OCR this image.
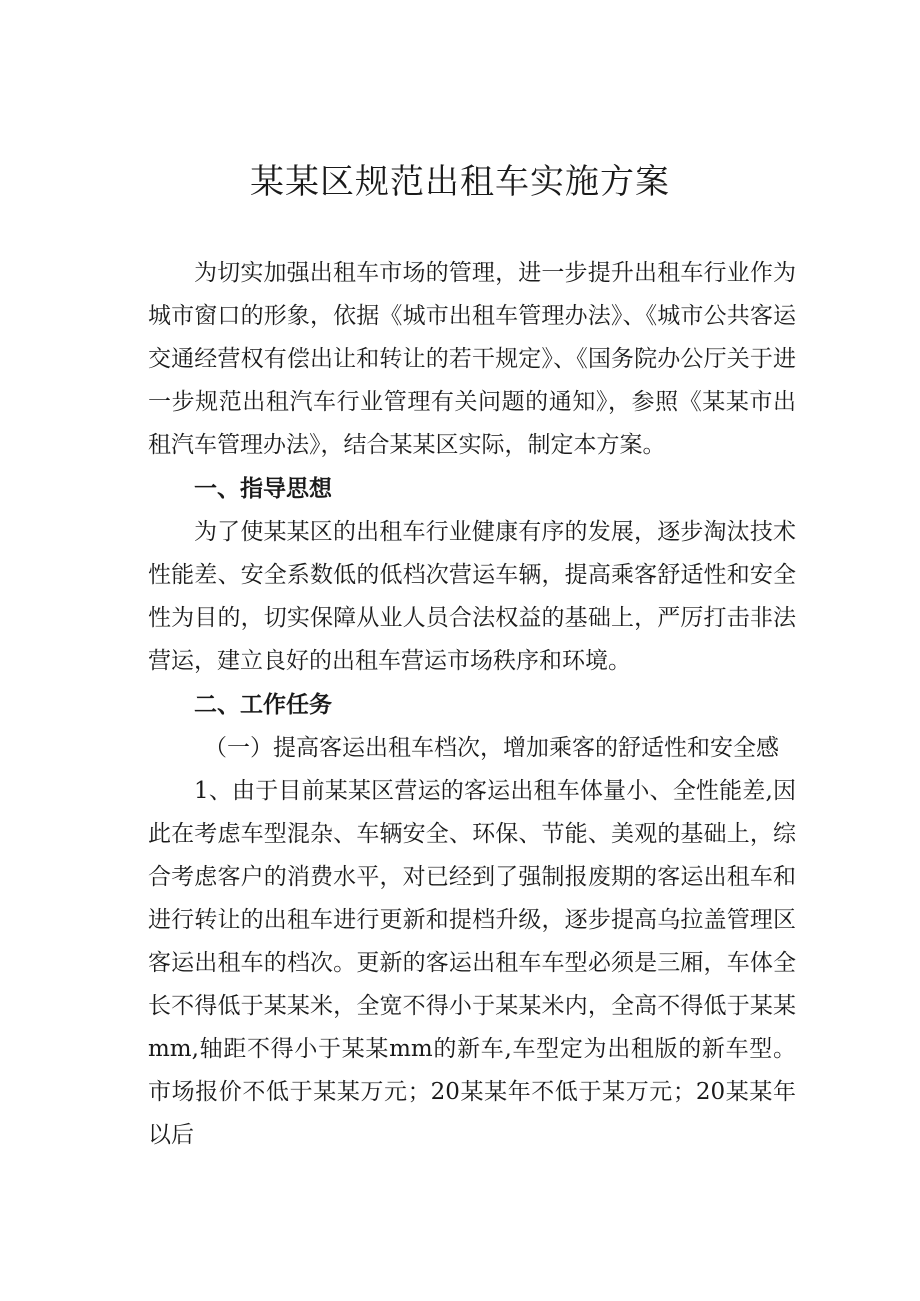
某某区规范出租车实施方案

为切实加强出租车市场的管理，进一步提升出租车行业作为城市窗口的形象，依据《城市出租车管理办法》、《城市公共客运交通经营权有偿出让和转让的若干规定》、《国务院办公厅关于进一步规范出租汽车行业管理有关问题的通知》，参照《某某市出租汽车管理办法》，结合某某区实际，制定本方案。

一、指导思想

为了使某某区的出租车行业健康有序的发展，逐步淘汰技术性能差、安全系数低的低档次营运车辆，提高乘客舒适性和安全性为目的，切实保障从业人员合法权益的基础上，严厉打击非法营运，建立良好的出租车营运市场秩序和环境。

二、工作任务

（一）提高客运出租车档次，增加乘客的舒适性和安全感

1、由于目前某某区营运的客运出租车体量小、全性能差,因此在考虑车型混杂、车辆安全、环保、节能、美观的基础上，综合考虑客户的消费水平，对已经到了强制报废期的客运出租车和进行转让的出租车进行更新和提档升级，逐步提高乌拉盖管理区客运出租车的档次。更新的客运出租车车型必须是三厢，车体全长不得低于某某米，全宽不得小于某某米内，全高不得低于某某mm,轴距不得小于某某mm的新车,车型定为出租版的新车型。市场报价不低于某某万元；20某某年不低于某万元；20某某年以后
